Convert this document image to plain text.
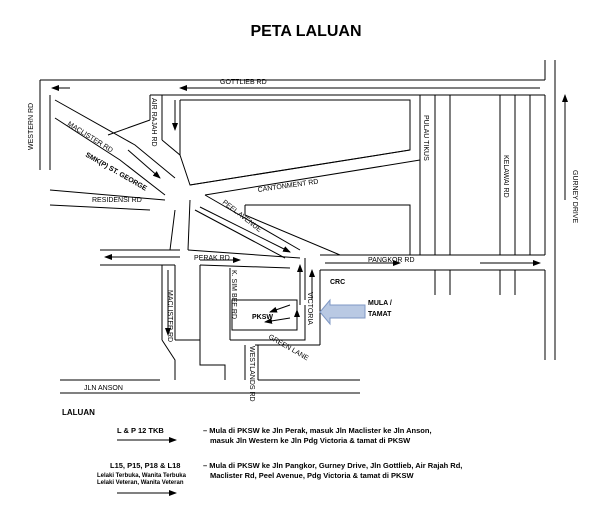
PETA LALUAN
GOTTLIEB RD
WESTERN RD	AIR RAJAH RD
MACLISTER RD
SMK(P) ST. GEORGE
RESIDENSI RD
CANTONMENT RD
PEEL AVENUE
PULAU TIKUS
KELAWAI RD	GURNEY DRIVE
PERAK RD
K. SIM BEE RD
PANGKOR RD
CRC
MULA /
TAMAT
PKSW	VICTORIA
MACLISTER RD
GREEN LANE
WESTLANDS RD
JLN ANSON
LALUAN
L & P 12 TKB	– Mula di PKSW ke Jln Perak, masuk Jln Maclister ke Jln Anson,
masuk Jln Western ke Jln Pdg Victoria & tamat di PKSW
L15, P15, P18 & L18
Lelaki Terbuka, Wanita Terbuka
Lelaki Veteran, Wanita Veteran
– Mula di PKSW ke Jln Pangkor, Gurney Drive, Jln Gottlieb, Air Rajah Rd,
Maclister Rd, Peel Avenue, Pdg Victoria & tamat di PKSW
